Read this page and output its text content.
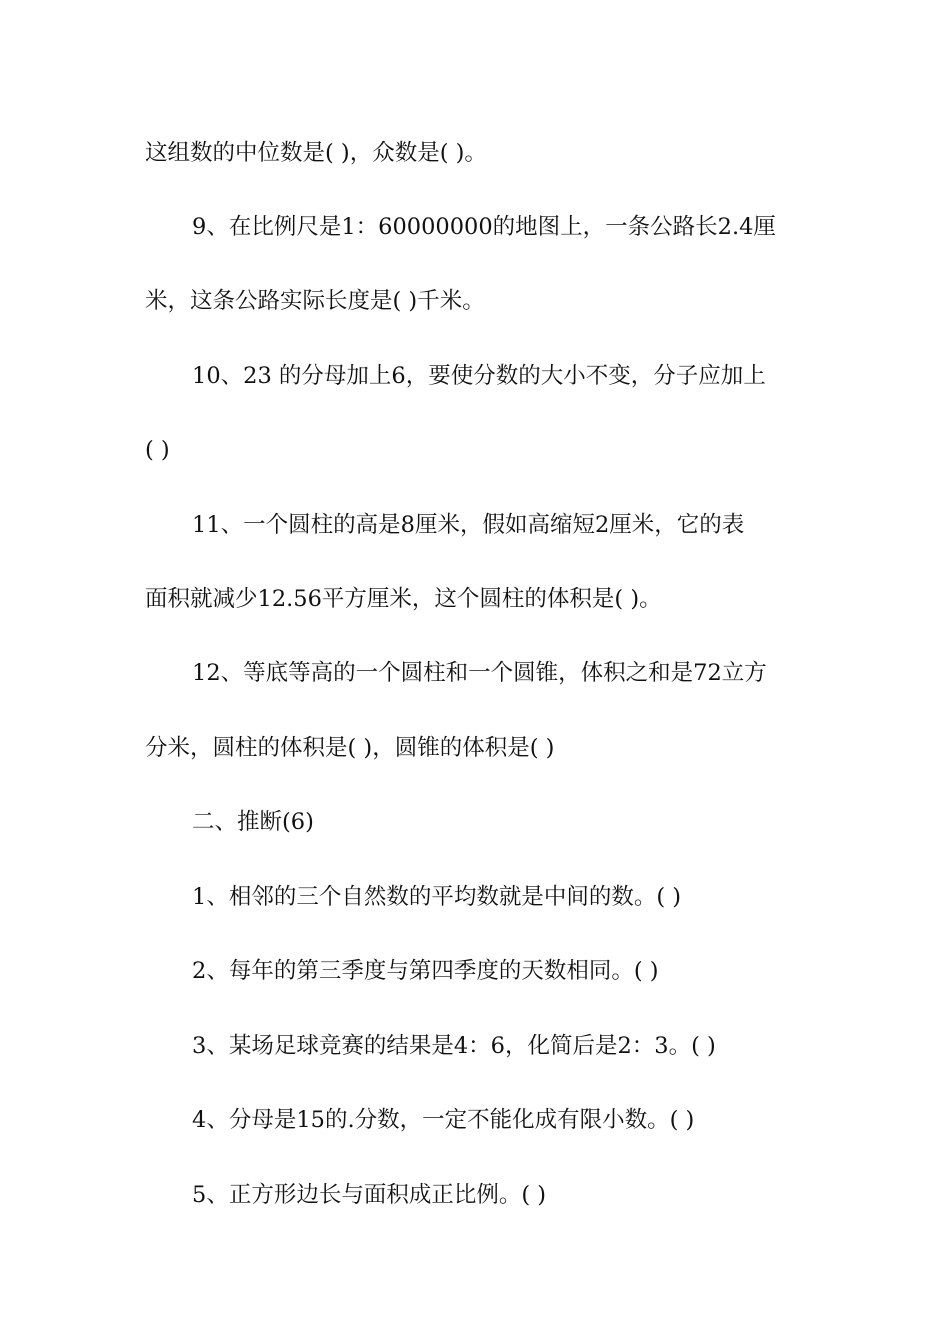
这组数的中位数是( )，众数是( )。
9、在比例尺是1：60000000的地图上，一条公路长2.4厘
米，这条公路实际长度是( )千米。
10、23 的分母加上6，要使分数的大小不变，分子应加上
( )
11、一个圆柱的高是8厘米，假如高缩短2厘米，它的表
面积就减少12.56平方厘米，这个圆柱的体积是( )。
12、等底等高的一个圆柱和一个圆锥，体积之和是72立方
分米，圆柱的体积是( )，圆锥的体积是( )
二、推断(6)
1、相邻的三个自然数的平均数就是中间的数。( )
2、每年的第三季度与第四季度的天数相同。( )
3、某场足球竞赛的结果是4：6，化简后是2：3。( )
4、分母是15的.分数，一定不能化成有限小数。( )
5、正方形边长与面积成正比例。( )
